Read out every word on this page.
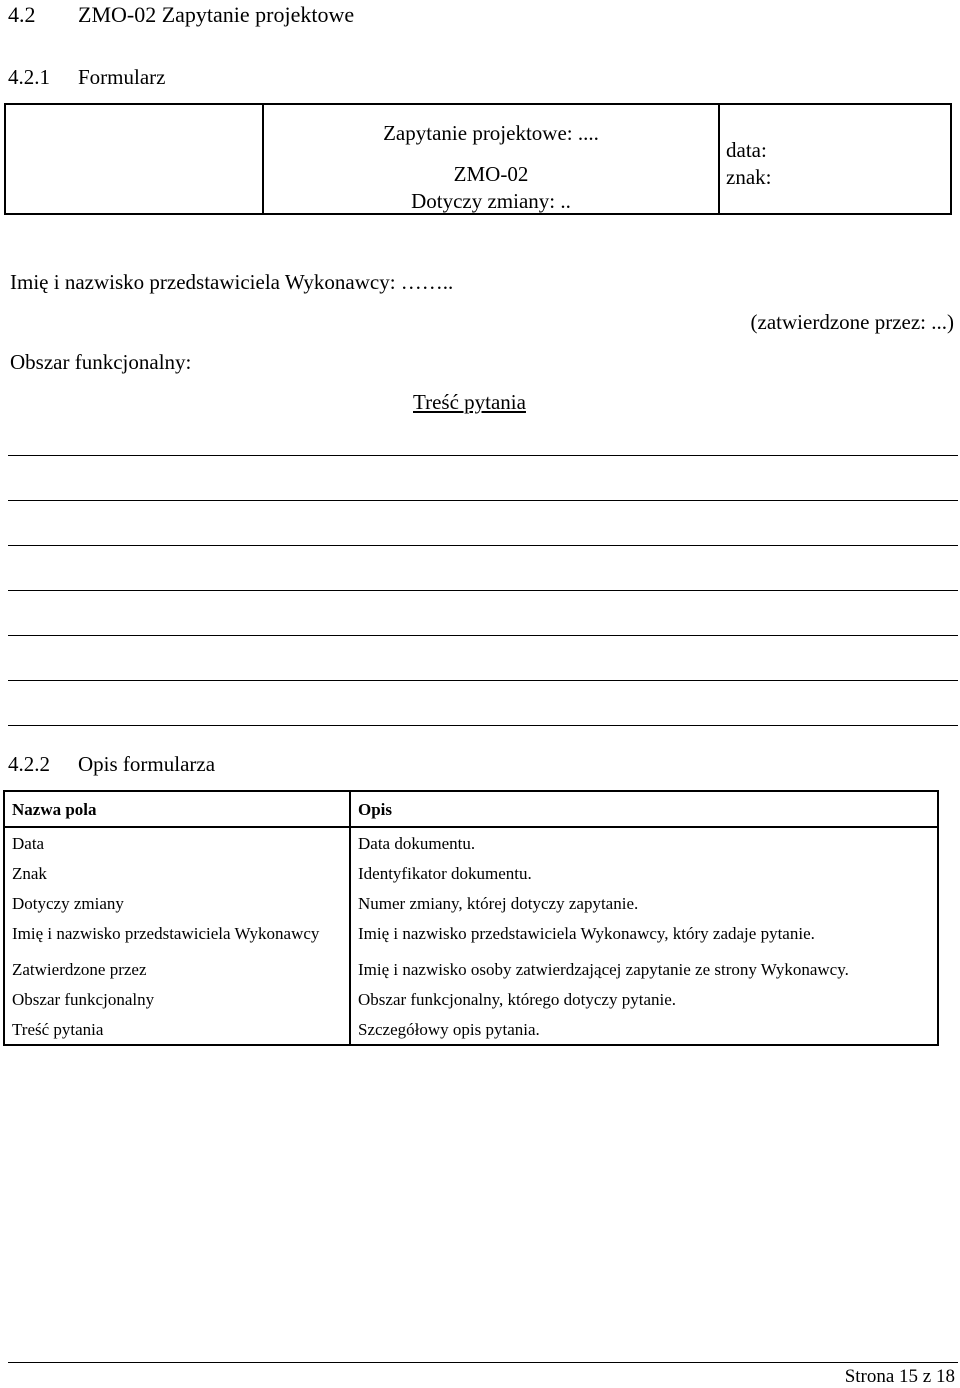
4.2 ZMO-02 Zapytanie projektowe
4.2.1 Formularz
Zapytanie projektowe: ....
ZMO-02
Dotyczy zmiany: ..
data:
znak:
Imię i nazwisko przedstawiciela Wykonawcy: ……..
(zatwierdzone przez: ...)
Obszar funkcjonalny:
Treść pytania
4.2.2 Opis formularza
Nazwa pola	Opis
Data	Data dokumentu.
Znak	Identyfikator dokumentu.
Dotyczy zmiany	Numer zmiany, której dotyczy zapytanie.
Imię i nazwisko przedstawiciela Wykonawcy	Imię i nazwisko przedstawiciela Wykonawcy, który zadaje pytanie.
Zatwierdzone przez	Imię i nazwisko osoby zatwierdzającej zapytanie ze strony Wykonawcy.
Obszar funkcjonalny	Obszar funkcjonalny, którego dotyczy pytanie.
Treść pytania	Szczegółowy opis pytania.
Strona 15 z 18
